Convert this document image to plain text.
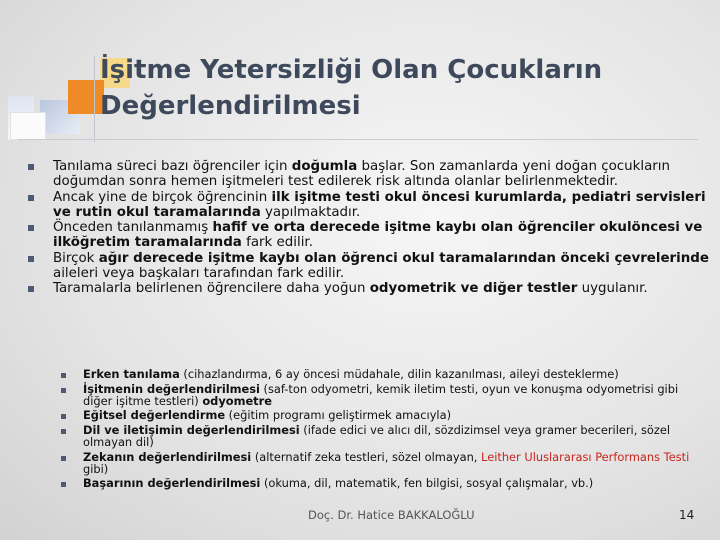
İşitme Yetersizliği Olan Çocukların
Değerlendirilmesi
Tanılama süreci bazı öğrenciler için doğumla başlar. Son zamanlarda yeni doğan çocukların doğumdan sonra hemen işitmeleri test edilerek risk altında olanlar belirlenmektedir.
Ancak yine de birçok öğrencinin ilk işitme testi okul öncesi kurumlarda, pediatri servisleri ve rutin okul taramalarında yapılmaktadır.
Önceden tanılanmamış hafif ve orta derecede işitme kaybı olan öğrenciler okulöncesi ve ilköğretim taramalarında fark edilir.
Birçok ağır derecede işitme kaybı olan öğrenci okul taramalarından önceki çevrelerinde aileleri veya başkaları tarafından fark edilir.
Taramalarla belirlenen öğrencilere daha yoğun odyometrik ve diğer testler uygulanır.
Erken tanılama (cihazlandırma, 6 ay öncesi müdahale, dilin kazanılması, aileyi desteklerme)
İşitmenin değerlendirilmesi (saf-ton odyometri, kemik iletim testi, oyun ve konuşma odyometrisi gibi diğer işitme testleri) odyometre
Eğitsel değerlendirme (eğitim programı geliştirmek amacıyla)
Dil ve iletişimin değerlendirilmesi (ifade edici ve alıcı dil, sözdizimsel veya gramer becerileri, sözel olmayan dil)
Zekanın değerlendirilmesi (alternatif zeka testleri, sözel olmayan, Leither Uluslararası Performans Testi gibi)
Başarının değerlendirilmesi (okuma, dil, matematik, fen bilgisi, sosyal çalışmalar, vb.)
Doç. Dr. Hatice BAKKALOĞLU	14
